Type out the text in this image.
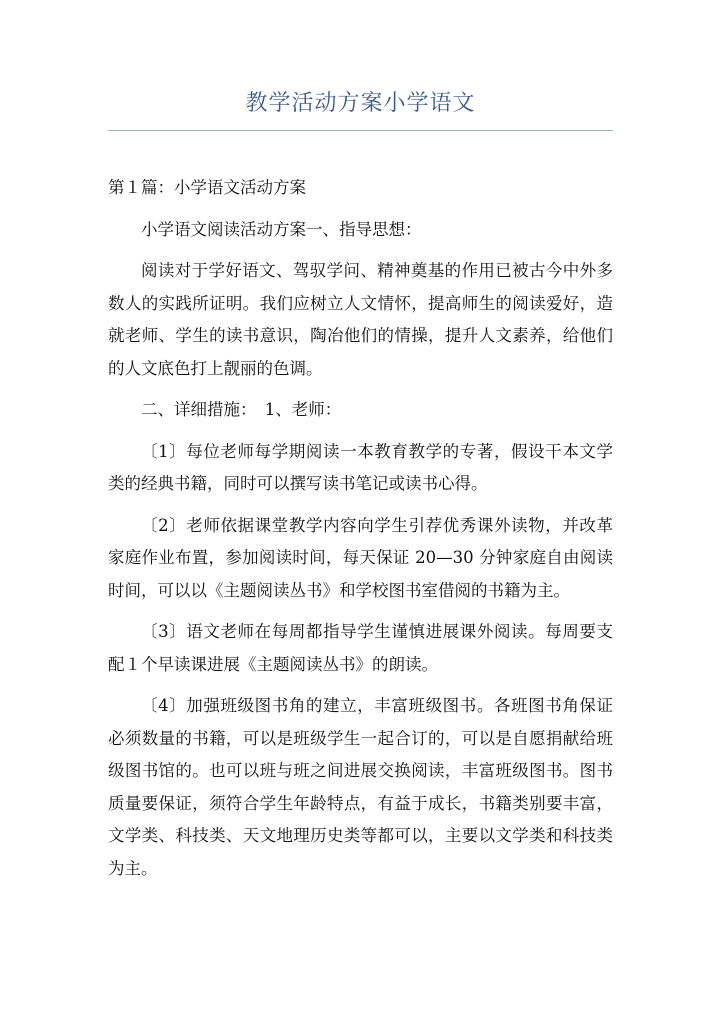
教学活动方案小学语文

第１篇：小学语文活动方案

小学语文阅读活动方案一、指导思想：

阅读对于学好语文、驾驭学问、精神奠基的作用已被古今中外多数人的实践所证明。我们应树立人文情怀，提高师生的阅读爱好，造就老师、学生的读书意识，陶冶他们的情操，提升人文素养，给他们的人文底色打上靓丽的色调。

二、详细措施：　1、老师：

〔1〕每位老师每学期阅读一本教育教学的专著，假设干本文学类的经典书籍，同时可以撰写读书笔记或读书心得。

〔2〕老师依据课堂教学内容向学生引荐优秀课外读物，并改革家庭作业布置，参加阅读时间，每天保证 20—30 分钟家庭自由阅读时间，可以以《主题阅读丛书》和学校图书室借阅的书籍为主。

〔3〕语文老师在每周都指导学生谨慎进展课外阅读。每周要支配１个早读课进展《主题阅读丛书》的朗读。

〔4〕加强班级图书角的建立，丰富班级图书。各班图书角保证必须数量的书籍，可以是班级学生一起合订的，可以是自愿捐献给班级图书馆的。也可以班与班之间进展交换阅读，丰富班级图书。图书质量要保证，须符合学生年龄特点，有益于成长，书籍类别要丰富，文学类、科技类、天文地理历史类等都可以，主要以文学类和科技类为主。
